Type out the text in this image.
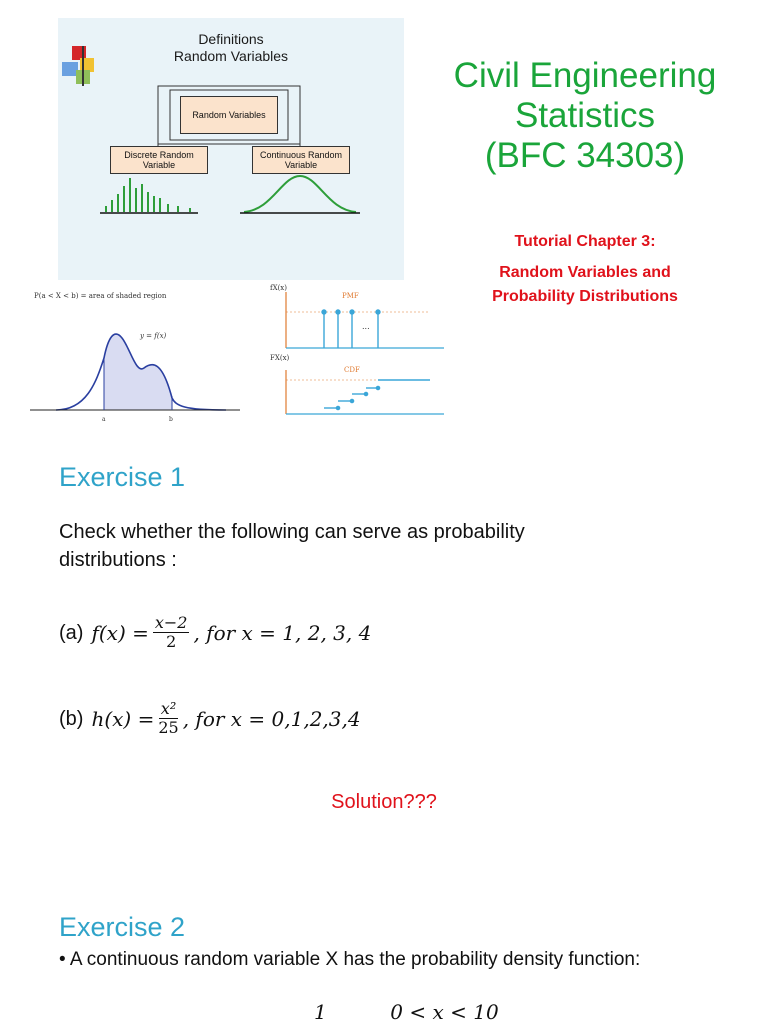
Definitions
Random Variables
Random Variables
Discrete Random Variable
Continuous Random Variable
P(a < X < b) = area of shaded region
y = f(x)
a	b
fX(x)
PMF
FX(x)
CDF
...
Civil Engineering
Statistics
(BFC 34303)
Tutorial Chapter 3:
Random Variables and
Probability Distributions
Exercise 1
Check whether the following can serve as probability
distributions :
(a) $f(x) = \frac{x-2}{2}$ , for x = 1, 2, 3, 4
(b) $h(x) = \frac{\text{x²}}{25}$ , for x = 0,1,2,3,4
Solution???
Exercise 2
• A continuous random variable X has the probability density function:
1          0 < x < 10
